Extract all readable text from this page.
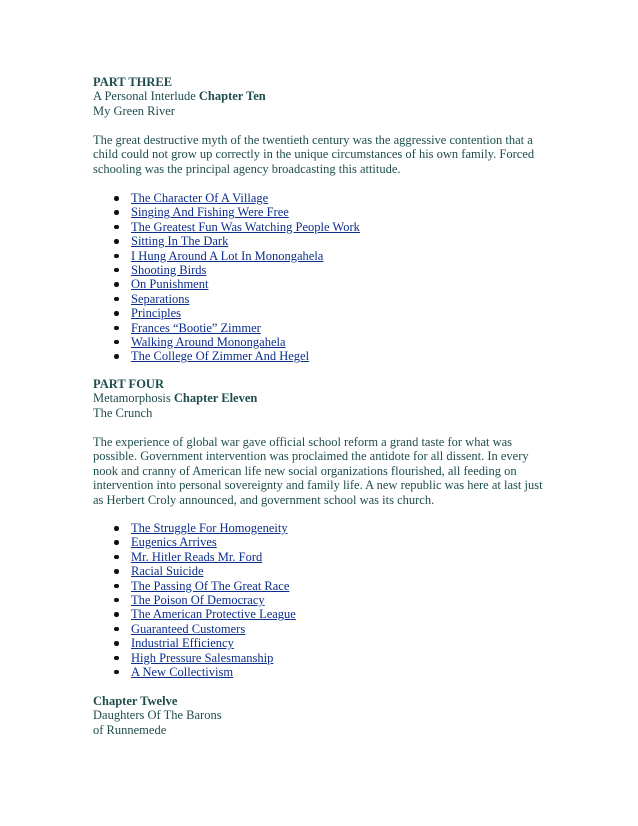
PART THREE
A Personal Interlude Chapter Ten
My Green River

The great destructive myth of the twentieth century was the aggressive contention that a child could not grow up correctly in the unique circumstances of his own family. Forced schooling was the principal agency broadcasting this attitude.

The Character Of A Village
Singing And Fishing Were Free
The Greatest Fun Was Watching People Work
Sitting In The Dark
I Hung Around A Lot In Monongahela
Shooting Birds
On Punishment
Separations
Principles
Frances “Bootie” Zimmer
Walking Around Monongahela
The College Of Zimmer And Hegel
PART FOUR
Metamorphosis Chapter Eleven
The Crunch

The experience of global war gave official school reform a grand taste for what was possible. Government intervention was proclaimed the antidote for all dissent. In every nook and cranny of American life new social organizations flourished, all feeding on intervention into personal sovereignty and family life. A new republic was here at last just as Herbert Croly announced, and government school was its church.

The Struggle For Homogeneity
Eugenics Arrives
Mr. Hitler Reads Mr. Ford
Racial Suicide
The Passing Of The Great Race
The Poison Of Democracy
The American Protective League
Guaranteed Customers
Industrial Efficiency
High Pressure Salesmanship
A New Collectivism
Chapter Twelve
Daughters Of The Barons
of Runnemede
